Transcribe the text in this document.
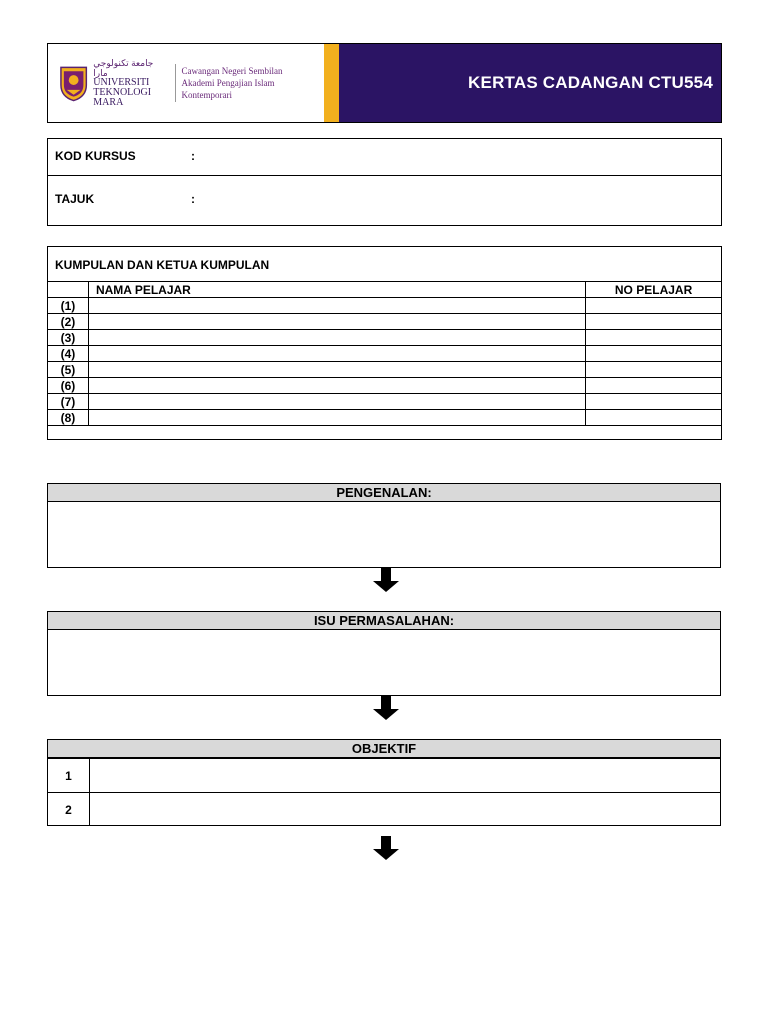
ﺟﺎﻣﻌﺔ ﺗﻜﻨﻮﻟﻮﺟﻲ ﻣﺎرا
UNIVERSITI
TEKNOLOGI
MARA
Cawangan Negeri Sembilan
Akademi Pengajian Islam Kontemporari
KERTAS CADANGAN CTU554
KOD KURSUS	:
TAJUK	:
KUMPULAN DAN KETUA KUMPULAN
	NAMA PELAJAR	NO PELAJAR
(1)		
(2)		
(3)		
(4)		
(5)		
(6)		
(7)		
(8)		
PENGENALAN:
ISU PERMASALAHAN:
OBJEKTIF
1
2
